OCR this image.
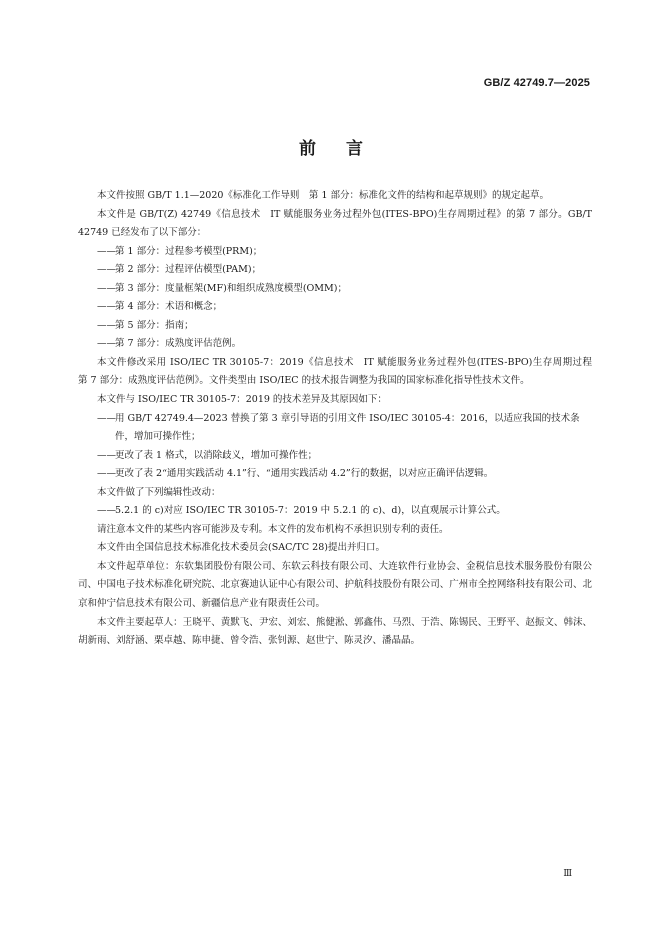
GB/Z 42749.7—2025
前言

本文件按照 GB/T 1.1—2020《标准化工作导则　第 1 部分：标准化文件的结构和起草规则》的规定起草。

本文件是 GB/T(Z) 42749《信息技术　IT 赋能服务业务过程外包(ITES-BPO)生存周期过程》的第 7 部分。GB/T 42749 已经发布了以下部分：

——第 1 部分：过程参考模型(PRM)；

——第 2 部分：过程评估模型(PAM)；

——第 3 部分：度量框架(MF)和组织成熟度模型(OMM)；

——第 4 部分：术语和概念；

——第 5 部分：指南；

——第 7 部分：成熟度评估范例。

本文件修改采用 ISO/IEC TR 30105-7：2019《信息技术　IT 赋能服务业务过程外包(ITES-BPO)生存周期过程　第 7 部分：成熟度评估范例》。文件类型由 ISO/IEC 的技术报告调整为我国的国家标准化指导性技术文件。

本文件与 ISO/IEC TR 30105-7：2019 的技术差异及其原因如下：

——用 GB/T 42749.4—2023 替换了第 3 章引导语的引用文件 ISO/IEC 30105-4：2016，以适应我国的技术条件，增加可操作性；

——更改了表 1 格式，以消除歧义，增加可操作性；

——更改了表 2“通用实践活动 4.1”行、“通用实践活动 4.2”行的数据，以对应正确评估逻辑。

本文件做了下列编辑性改动：

——5.2.1 的 c)对应 ISO/IEC TR 30105-7：2019 中 5.2.1 的 c)、d)，以直观展示计算公式。

请注意本文件的某些内容可能涉及专利。本文件的发布机构不承担识别专利的责任。

本文件由全国信息技术标准化技术委员会(SAC/TC 28)提出并归口。

本文件起草单位：东软集团股份有限公司、东软云科技有限公司、大连软件行业协会、金税信息技术服务股份有限公司、中国电子技术标准化研究院、北京赛迪认证中心有限公司、护航科技股份有限公司、广州市全控网络科技有限公司、北京和仲宁信息技术有限公司、新疆信息产业有限责任公司。

本文件主要起草人：王晓平、黄默飞、尹宏、刘宏、熊健淞、郭鑫伟、马烈、于浩、陈锡民、王野平、赵振文、韩沫、胡新雨、刘舒涵、栗卓越、陈申捷、曾令浩、张钊源、赵世宁、陈灵汐、潘晶晶。

Ⅲ
